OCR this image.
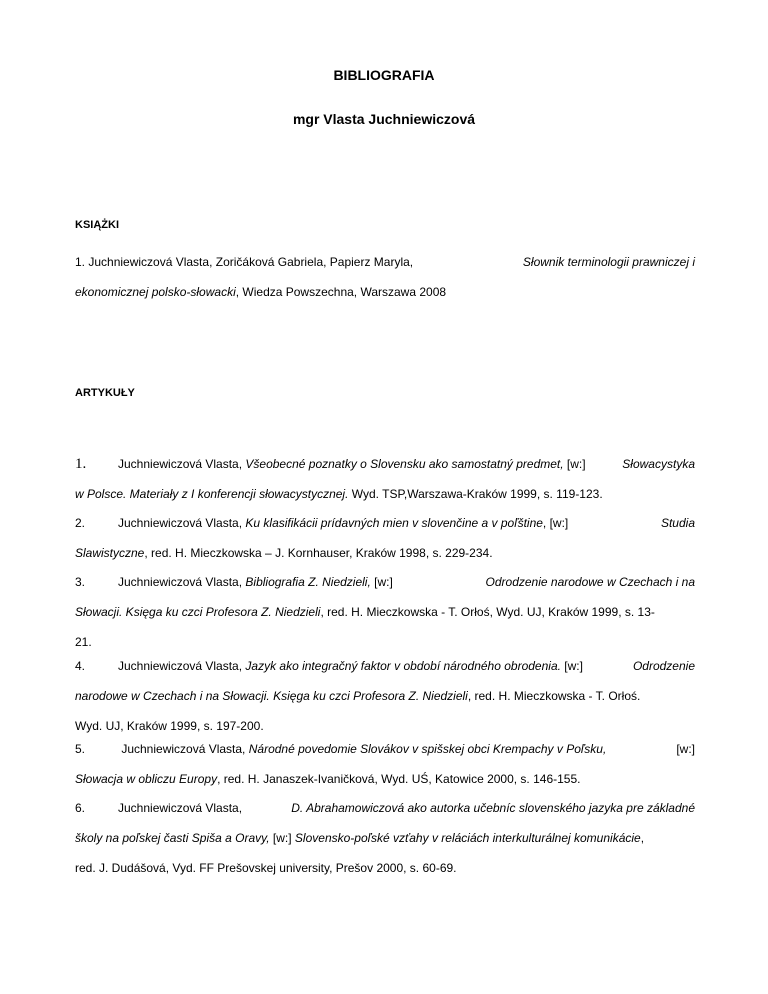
BIBLIOGRAFIA
mgr Vlasta Juchniewiczová
KSIĄŻKI
1. Juchniewiczová Vlasta, Zoričáková Gabriela, Papierz Maryla,	Słownik terminologii prawniczej i
ekonomicznej polsko-słowacki, Wiedza Powszechna, Warszawa 2008
ARTYKUŁY
1.	Juchniewiczová Vlasta, Všeobecné poznatky o Slovensku ako samostatný predmet, [w:]	Słowacystyka
w Polsce. Materiały z I konferencji słowacystycznej. Wyd. TSP,Warszawa-Kraków 1999, s. 119-123.
2.	Juchniewiczová Vlasta, Ku klasifikácii prídavných mien v slovenčine a v poľštine, [w:]	Studia
Slawistyczne, red. H. Mieczkowska – J. Kornhauser, Kraków 1998, s. 229-234.
3.	Juchniewiczová Vlasta, Bibliografia Z. Niedzieli, [w:]	Odrodzenie narodowe w Czechach i na
Słowacji. Księga ku czci Profesora Z. Niedzieli, red. H. Mieczkowska - T. Orłoś, Wyd. UJ, Kraków 1999, s. 13-
21.
4.	Juchniewiczová Vlasta, Jazyk ako integračný faktor v období národného obrodenia. [w:]	Odrodzenie
narodowe w Czechach i na Słowacji. Księga ku czci Profesora Z. Niedzieli, red. H. Mieczkowska - T. Orłoś.
Wyd. UJ, Kraków 1999, s. 197-200.
5.	Juchniewiczová Vlasta, Národné povedomie Slovákov v spišskej obci Krempachy v Poľsku,	[w:]
Słowacja w obliczu Europy, red. H. Janaszek-Ivaničková, Wyd. UŚ, Katowice 2000, s. 146-155.
6.	Juchniewiczová Vlasta,	D. Abrahamowiczová ako autorka učebníc slovenského jazyka pre základné
školy na poľskej časti Spiša a Oravy, [w:] Slovensko-poľské vzťahy v reláciách interkulturálnej komunikácie,
red. J. Dudášová, Vyd. FF Prešovskej university, Prešov 2000, s. 60-69.
